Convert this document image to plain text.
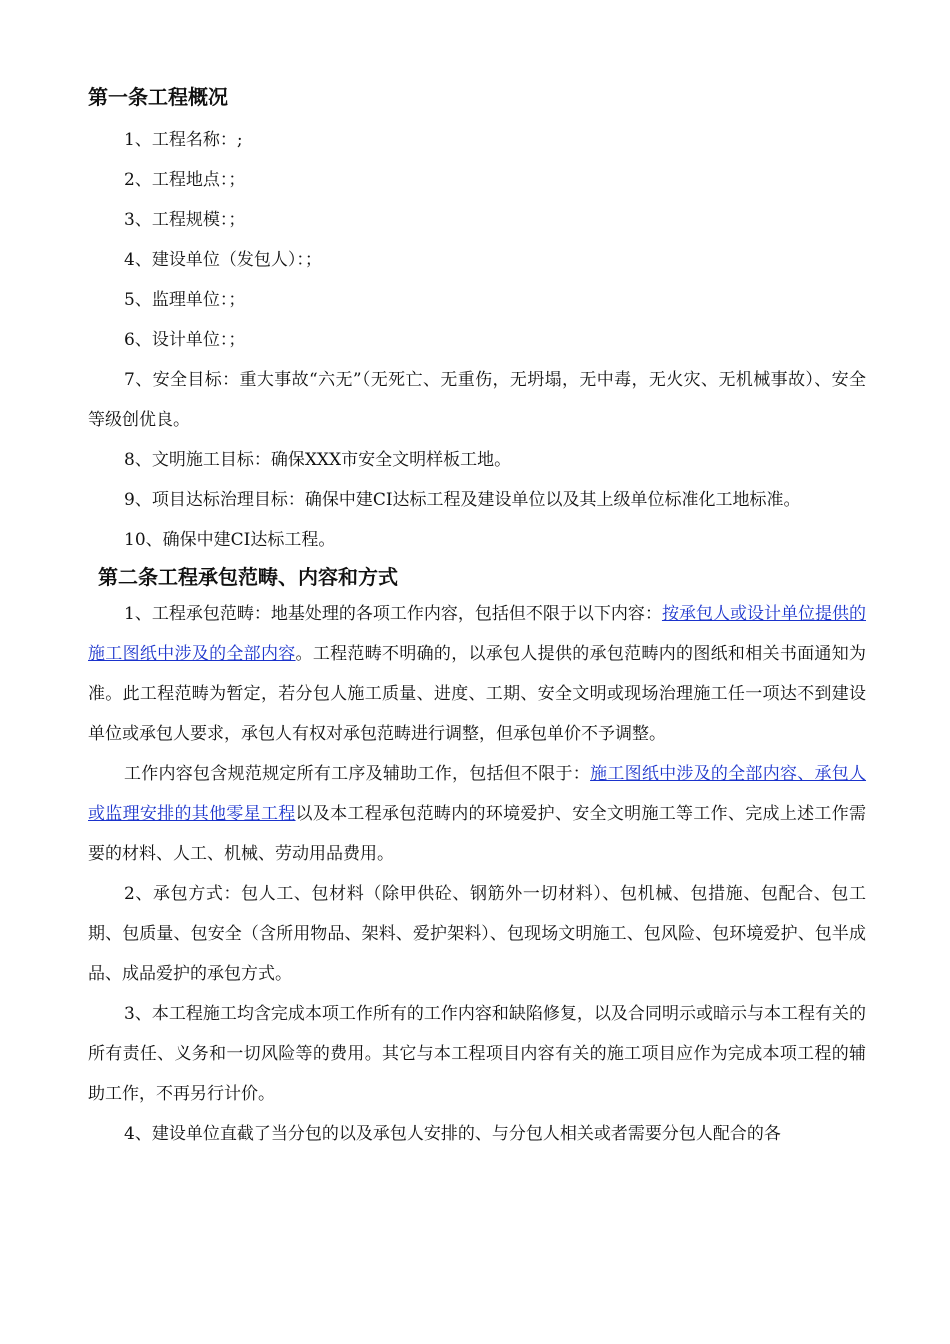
第一条工程概况

1、工程名称：;

2、工程地点：；

3、工程规模：；

4、建设单位（发包人）：；

5、监理单位：；

6、设计单位：；

7、安全目标：重大事故“六无”（无死亡、无重伤，无坍塌，无中毒，无火灾、无机械事故）、安全等级创优良。

8、文明施工目标：确保XXX市安全文明样板工地。

9、项目达标治理目标：确保中建CI达标工程及建设单位以及其上级单位标准化工地标准。

10、确保中建CI达标工程。

第二条工程承包范畴、内容和方式

1、工程承包范畴：地基处理的各项工作内容，包括但不限于以下内容：按承包人或设计单位提供的施工图纸中涉及的全部内容。工程范畴不明确的，以承包人提供的承包范畴内的图纸和相关书面通知为准。此工程范畴为暂定，若分包人施工质量、进度、工期、安全文明或现场治理施工任一项达不到建设单位或承包人要求，承包人有权对承包范畴进行调整，但承包单价不予调整。

工作内容包含规范规定所有工序及辅助工作，包括但不限于：施工图纸中涉及的全部内容、承包人或监理安排的其他零星工程以及本工程承包范畴内的环境爱护、安全文明施工等工作、完成上述工作需要的材料、人工、机械、劳动用品费用。

2、承包方式：包人工、包材料（除甲供砼、钢筋外一切材料）、包机械、包措施、包配合、包工期、包质量、包安全（含所用物品、架料、爱护架料）、包现场文明施工、包风险、包环境爱护、包半成品、成品爱护的承包方式。

3、本工程施工均含完成本项工作所有的工作内容和缺陷修复，以及合同明示或暗示与本工程有关的所有责任、义务和一切风险等的费用。其它与本工程项目内容有关的施工项目应作为完成本项工程的辅助工作，不再另行计价。

4、建设单位直截了当分包的以及承包人安排的、与分包人相关或者需要分包人配合的各
